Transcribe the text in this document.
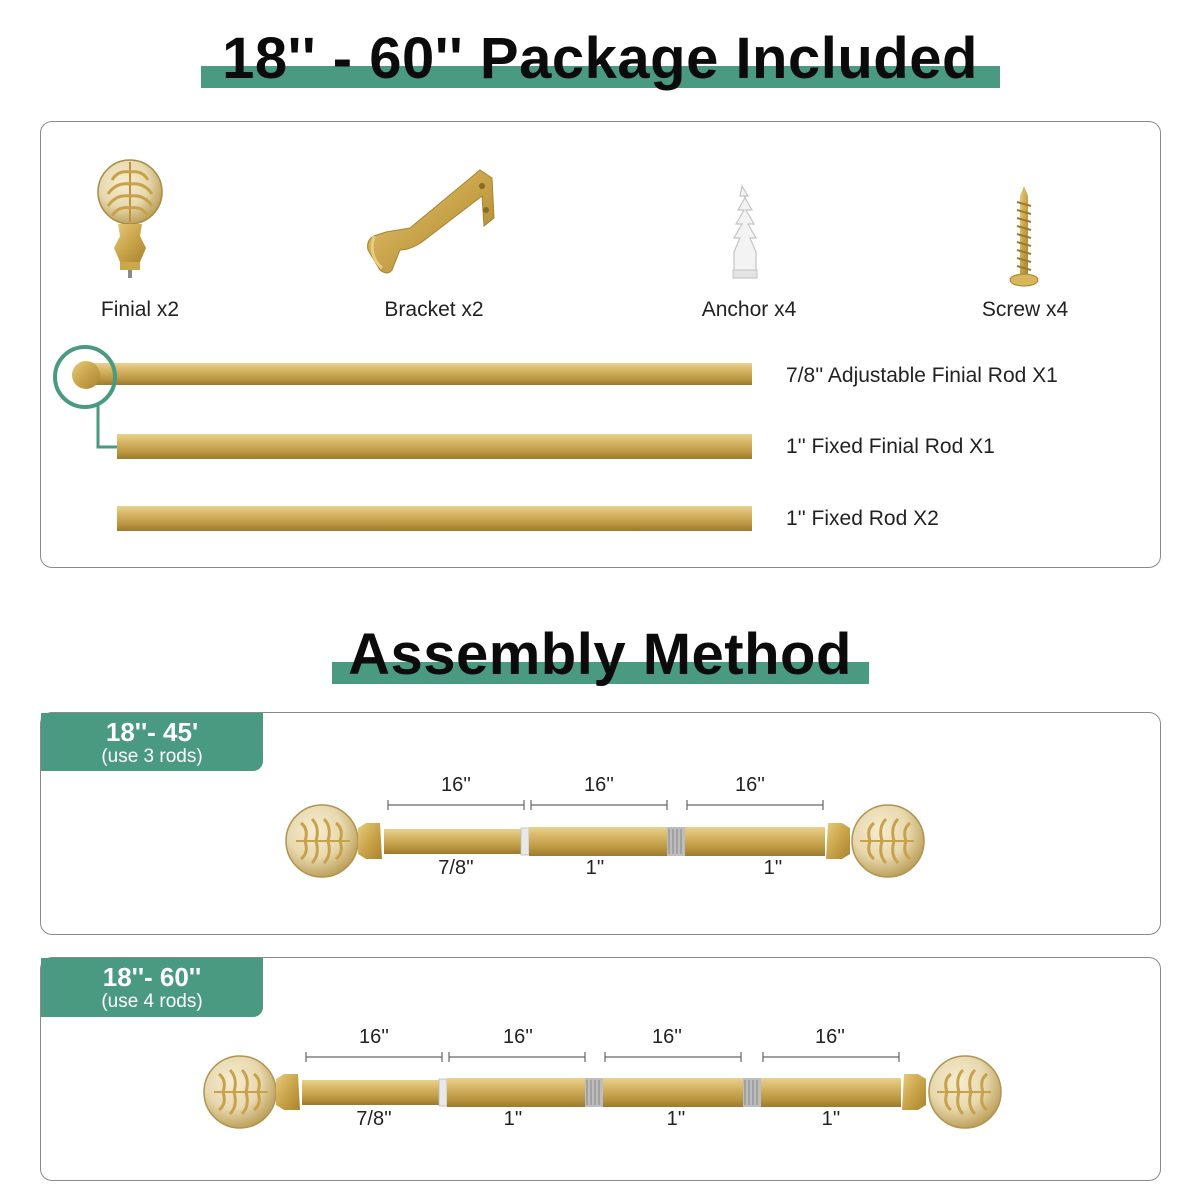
18'' - 60'' Package Included
Finial x2	Bracket x2	Anchor x4	Screw x4
7/8'' Adjustable Finial Rod X1
1'' Fixed Finial Rod X1
1'' Fixed Rod X2
Assembly Method
18''- 45'
(use 3 rods)
16''	16''	16''
7/8''	1''	1''
18''- 60''
(use 4 rods)
16''	16''	16''	16''
7/8''	1''	1''	1''
